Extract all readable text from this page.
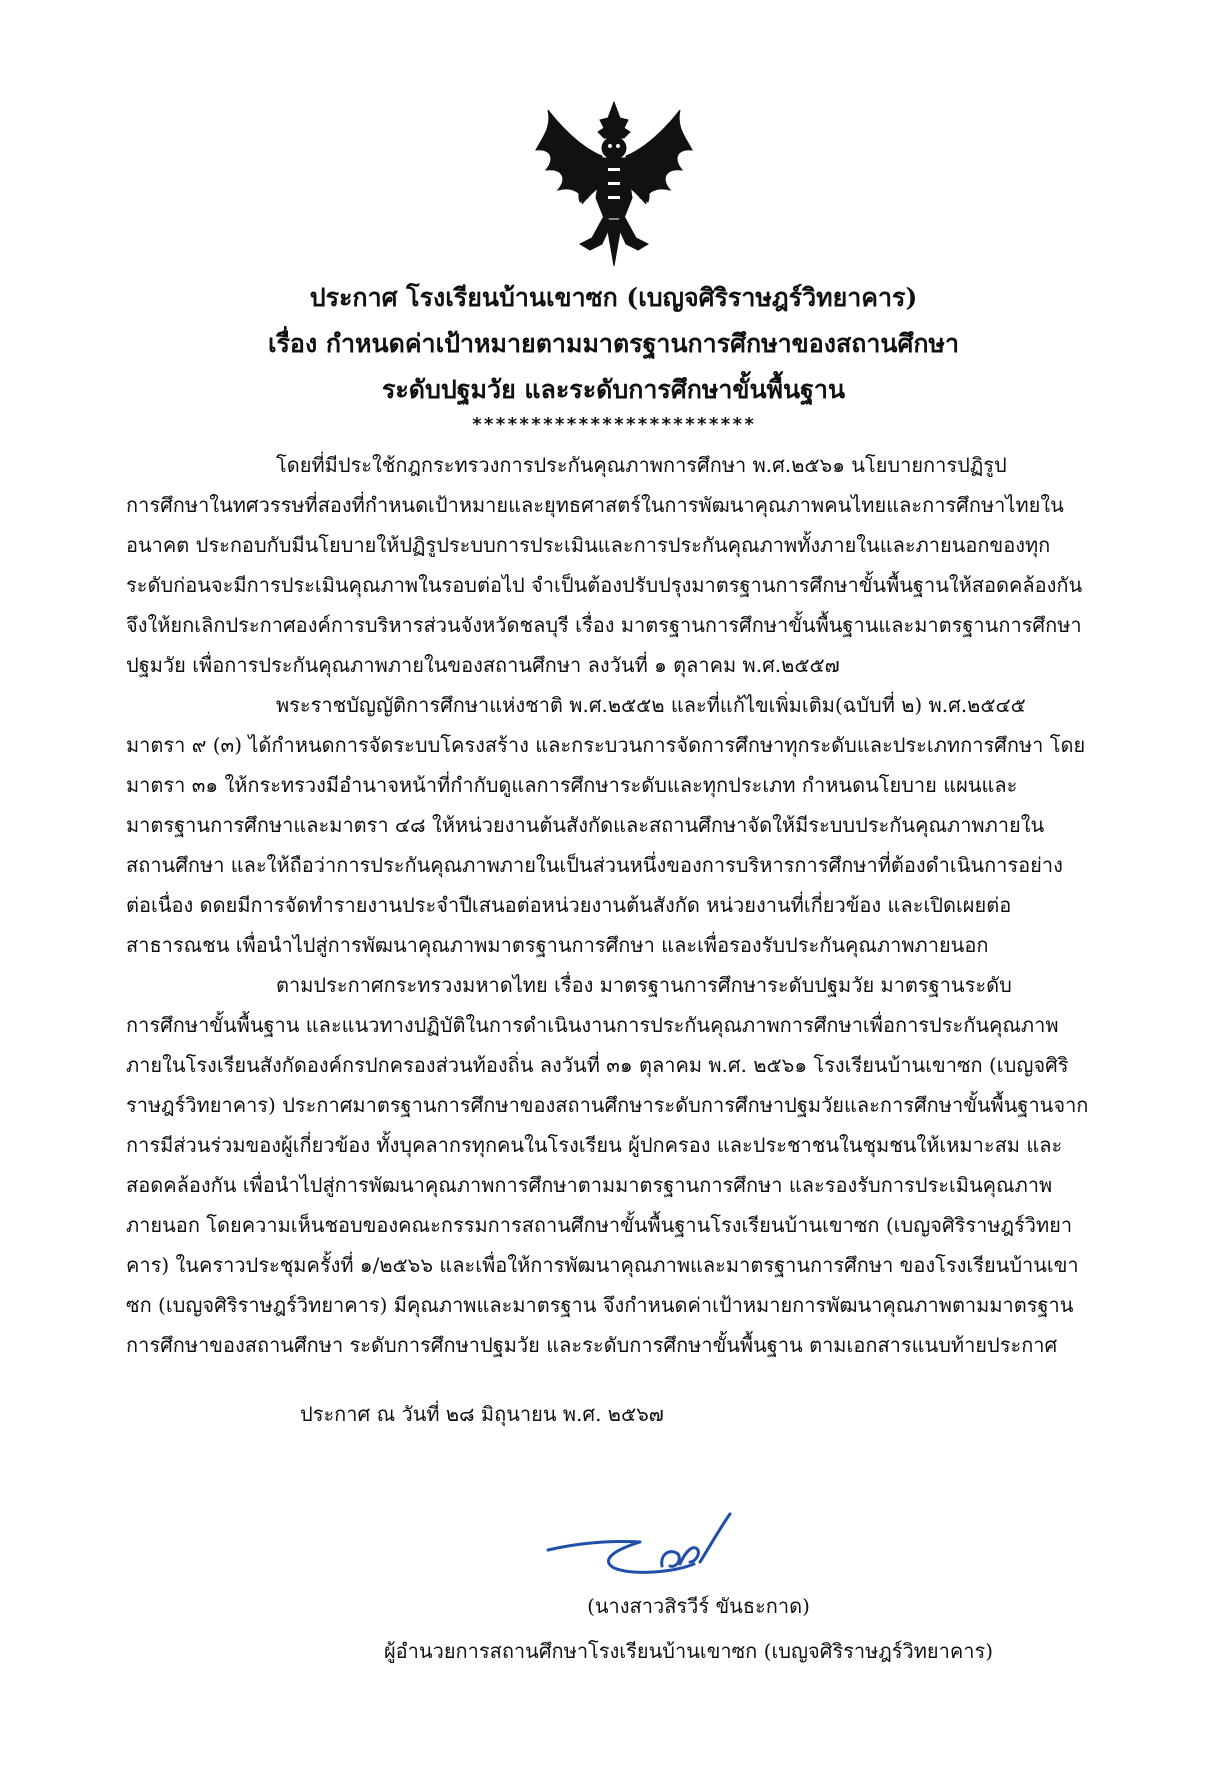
ประกาศ โรงเรียนบ้านเขาซก (เบญจศิริราษฎร์วิทยาคาร)
เรื่อง กำหนดค่าเป้าหมายตามมาตรฐานการศึกษาของสถานศึกษา
ระดับปฐมวัย และระดับการศึกษาขั้นพื้นฐาน
************************
โดยที่มีประใช้กฎกระทรวงการประกันคุณภาพการศึกษา พ.ศ.๒๕๖๑ นโยบายการปฏิรูป
การศึกษาในทศวรรษที่สองที่กำหนดเป้าหมายและยุทธศาสตร์ในการพัฒนาคุณภาพคนไทยและการศึกษาไทยใน
อนาคต ประกอบกับมีนโยบายให้ปฏิรูประบบการประเมินและการประกันคุณภาพทั้งภายในและภายนอกของทุก
ระดับก่อนจะมีการประเมินคุณภาพในรอบต่อไป จำเป็นต้องปรับปรุงมาตรฐานการศึกษาขั้นพื้นฐานให้สอดคล้องกัน
จึงให้ยกเลิกประกาศองค์การบริหารส่วนจังหวัดชลบุรี เรื่อง มาตรฐานการศึกษาขั้นพื้นฐานและมาตรฐานการศึกษา
ปฐมวัย เพื่อการประกันคุณภาพภายในของสถานศึกษา ลงวันที่ ๑ ตุลาคม พ.ศ.๒๕๕๗
พระราชบัญญัติการศึกษาแห่งชาติ พ.ศ.๒๕๕๒ และที่แก้ไขเพิ่มเติม(ฉบับที่ ๒) พ.ศ.๒๕๔๕
มาตรา ๙ (๓) ได้กำหนดการจัดระบบโครงสร้าง และกระบวนการจัดการศึกษาทุกระดับและประเภทการศึกษา โดย
มาตรา ๓๑ ให้กระทรวงมีอำนาจหน้าที่กำกับดูแลการศึกษาระดับและทุกประเภท กำหนดนโยบาย แผนและ
มาตรฐานการศึกษาและมาตรา ๔๘ ให้หน่วยงานต้นสังกัดและสถานศึกษาจัดให้มีระบบประกันคุณภาพภายใน
สถานศึกษา และให้ถือว่าการประกันคุณภาพภายในเป็นส่วนหนึ่งของการบริหารการศึกษาที่ต้องดำเนินการอย่าง
ต่อเนื่อง ดดยมีการจัดทำรายงานประจำปีเสนอต่อหน่วยงานต้นสังกัด หน่วยงานที่เกี่ยวข้อง และเปิดเผยต่อ
สาธารณชน เพื่อนำไปสู่การพัฒนาคุณภาพมาตรฐานการศึกษา และเพื่อรองรับประกันคุณภาพภายนอก
ตามประกาศกระทรวงมหาดไทย เรื่อง มาตรฐานการศึกษาระดับปฐมวัย มาตรฐานระดับ
การศึกษาขั้นพื้นฐาน และแนวทางปฏิบัติในการดำเนินงานการประกันคุณภาพการศึกษาเพื่อการประกันคุณภาพ
ภายในโรงเรียนสังกัดองค์กรปกครองส่วนท้องถิ่น ลงวันที่ ๓๑ ตุลาคม พ.ศ. ๒๕๖๑ โรงเรียนบ้านเขาซก (เบญจศิริ
ราษฎร์วิทยาคาร) ประกาศมาตรฐานการศึกษาของสถานศึกษาระดับการศึกษาปฐมวัยและการศึกษาขั้นพื้นฐานจาก
การมีส่วนร่วมของผู้เกี่ยวข้อง ทั้งบุคลากรทุกคนในโรงเรียน ผู้ปกครอง และประชาชนในชุมชนให้เหมาะสม และ
สอดคล้องกัน เพื่อนำไปสู่การพัฒนาคุณภาพการศึกษาตามมาตรฐานการศึกษา และรองรับการประเมินคุณภาพ
ภายนอก โดยความเห็นชอบของคณะกรรมการสถานศึกษาขั้นพื้นฐานโรงเรียนบ้านเขาซก (เบญจศิริราษฎร์วิทยา
คาร) ในคราวประชุมครั้งที่ ๑/๒๕๖๖ และเพื่อให้การพัฒนาคุณภาพและมาตรฐานการศึกษา ของโรงเรียนบ้านเขา
ซก (เบญจศิริราษฎร์วิทยาคาร) มีคุณภาพและมาตรฐาน จึงกำหนดค่าเป้าหมายการพัฒนาคุณภาพตามมาตรฐาน
การศึกษาของสถานศึกษา ระดับการศึกษาปฐมวัย และระดับการศึกษาขั้นพื้นฐาน ตามเอกสารแนบท้ายประกาศ
ประกาศ ณ วันที่ ๒๘ มิถุนายน พ.ศ. ๒๕๖๗
(นางสาวสิรวีร์ ขันธะกาด)
ผู้อำนวยการสถานศึกษาโรงเรียนบ้านเขาซก (เบญจศิริราษฎร์วิทยาคาร)
